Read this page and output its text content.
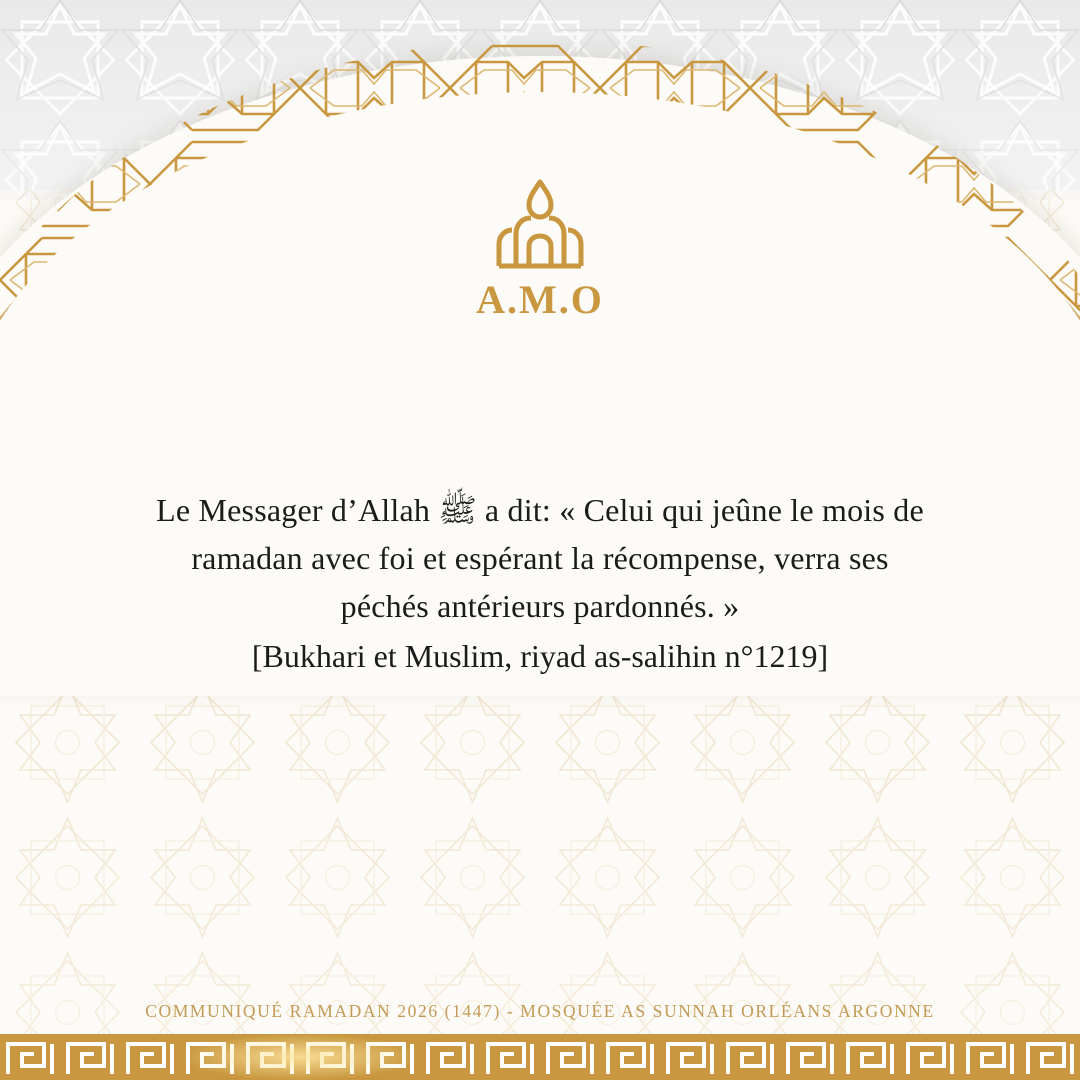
A.M.O
Le Messager d’Allah ﷺ a dit: « Celui qui jeûne le mois de
ramadan avec foi et espérant la récompense, verra ses
péchés antérieurs pardonnés. »
[Bukhari et Muslim, riyad as-salihin n°1219]
COMMUNIQUÉ RAMADAN 2026 (1447) - MOSQUÉE AS SUNNAH ORLÉANS ARGONNE
